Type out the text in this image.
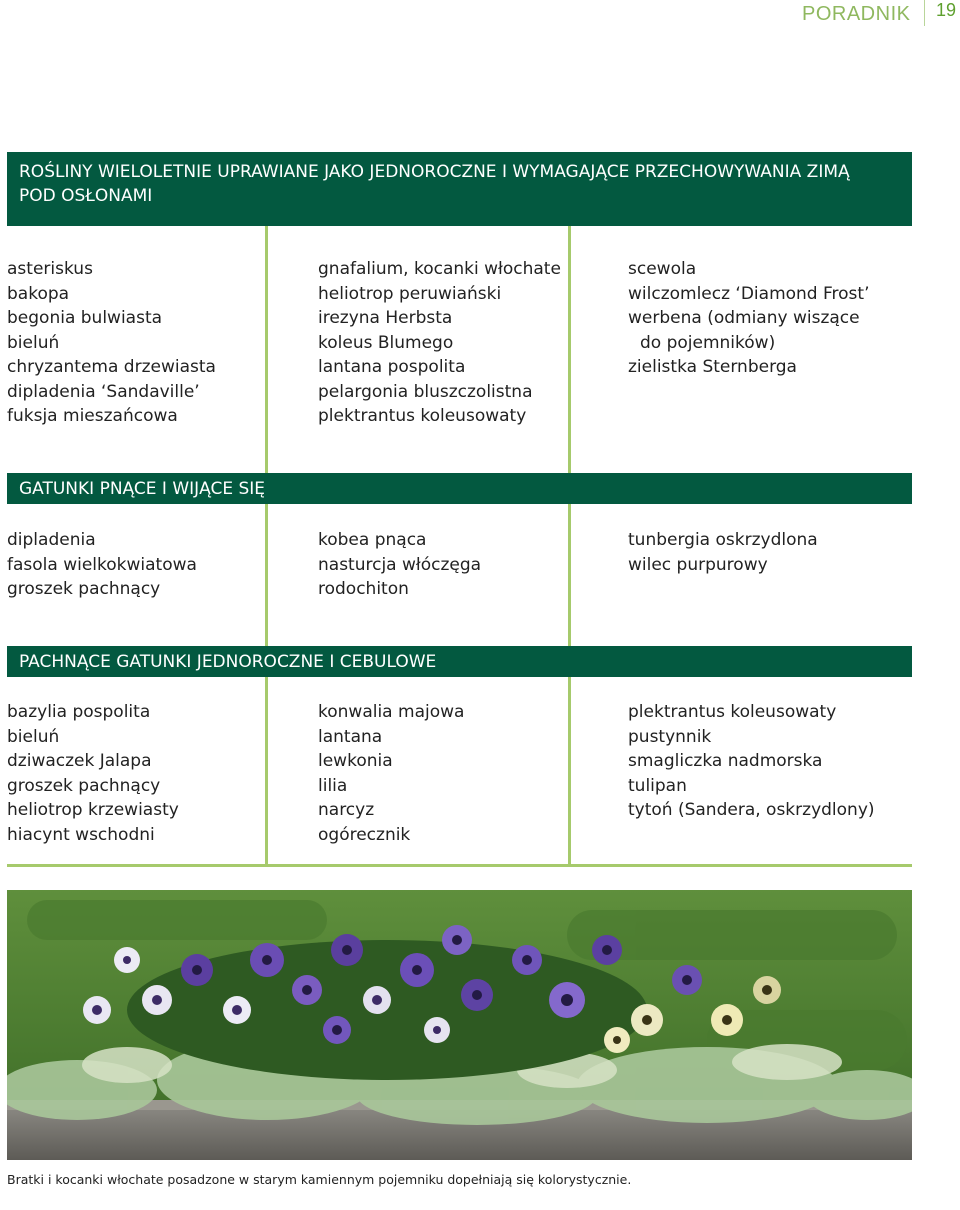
PORADNIK 19
ROŚLINY WIELOLETNIE UPRAWIANE JAKO JEDNOROCZNE I WYMAGAJĄCE PRZECHOWYWANIA ZIMĄ
POD OSŁONAMI
asteriskus
bakopa
begonia bulwiasta
bieluń
chryzantema drzewiasta
dipladenia ‘Sandaville’
fuksja mieszańcowa
gnafalium, kocanki włochate
heliotrop peruwiański
irezyna Herbsta
koleus Blumego
lantana pospolita
pelargonia bluszczolistna
plektrantus koleusowaty
scewola
wilczomlecz ‘Diamond Frost’
werbena (odmiany wiszące
do pojemników)
zielistka Sternberga
GATUNKI PNĄCE I WIJĄCE SIĘ
dipladenia
fasola wielkokwiatowa
groszek pachnący
kobea pnąca
nasturcja włóczęga
rodochiton
tunbergia oskrzydlona
wilec purpurowy
PACHNĄCE GATUNKI JEDNOROCZNE I CEBULOWE
bazylia pospolita
bieluń
dziwaczek Jalapa
groszek pachnący
heliotrop krzewiasty
hiacynt wschodni
konwalia majowa
lantana
lewkonia
lilia
narcyz
ogórecznik
plektrantus koleusowaty
pustynnik
smagliczka nadmorska
tulipan
tytoń (Sandera, oskrzydlony)
Bratki i kocanki włochate posadzone w starym kamiennym pojemniku dopełniają się kolorystycznie.
